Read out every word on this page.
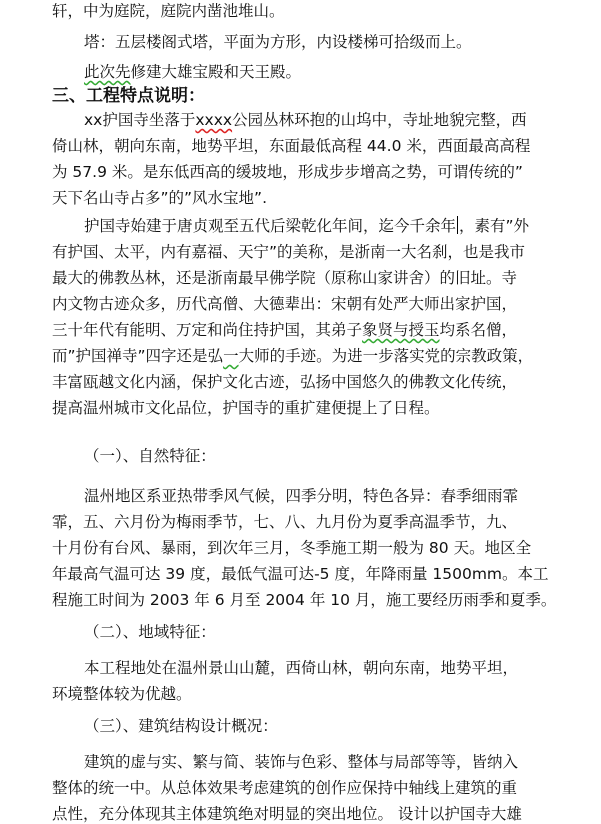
轩，中为庭院，庭院内凿池堆山。
塔：五层楼阁式塔，平面为方形，内设楼梯可拾级而上。
此次先修建大雄宝殿和天王殿。
三、工程特点说明：
xx护国寺坐落于xxxx公园丛林环抱的山坞中，寺址地貌完整，西
倚山林，朝向东南，地势平坦，东面最低高程 44.0 米，西面最高高程
为 57.9 米。是东低西高的缓坡地，形成步步增高之势，可谓传统的”
天下名山寺占多”的”风水宝地”.
护国寺始建于唐贞观至五代后梁乾化年间，迄今千余年 ，素有”外
有护国、太平，内有嘉福、天宁”的美称，是浙南一大名刹，也是我市
最大的佛教丛林，还是浙南最早佛学院（原称山家讲舍）的旧址。寺
内文物古迹众多，历代高僧、大德辈出：宋朝有处严大师出家护国，
三十年代有能明、万定和尚住持护国，其弟子象贤与授玉均系名僧，
而”护国禅寺”四字还是弘一大师的手迹。为进一步落实党的宗教政策，
丰富瓯越文化内涵，保护文化古迹，弘扬中国悠久的佛教文化传统，
提高温州城市文化品位，护国寺的重扩建便提上了日程。
（一）、自然特征：
温州地区系亚热带季风气候，四季分明，特色各异：春季细雨霏
霏，五、六月份为梅雨季节，七、八、九月份为夏季高温季节，九、
十月份有台风、暴雨，到次年三月，冬季施工期一般为 80 天。地区全
年最高气温可达 39 度，最低气温可达-5 度，年降雨量 1500mm。本工
程施工时间为 2003 年 6 月至 2004 年 10 月，施工要经历雨季和夏季。
（二）、地域特征：
本工程地处在温州景山山麓，西倚山林，朝向东南，地势平坦，
环境整体较为优越。
（三）、建筑结构设计概况：
建筑的虚与实、繁与简、装饰与色彩、整体与局部等等，皆纳入
整体的统一中。从总体效果考虑建筑的创作应保持中轴线上建筑的重
点性，充分体现其主体建筑绝对明显的突出地位。 设计以护国寺大雄
